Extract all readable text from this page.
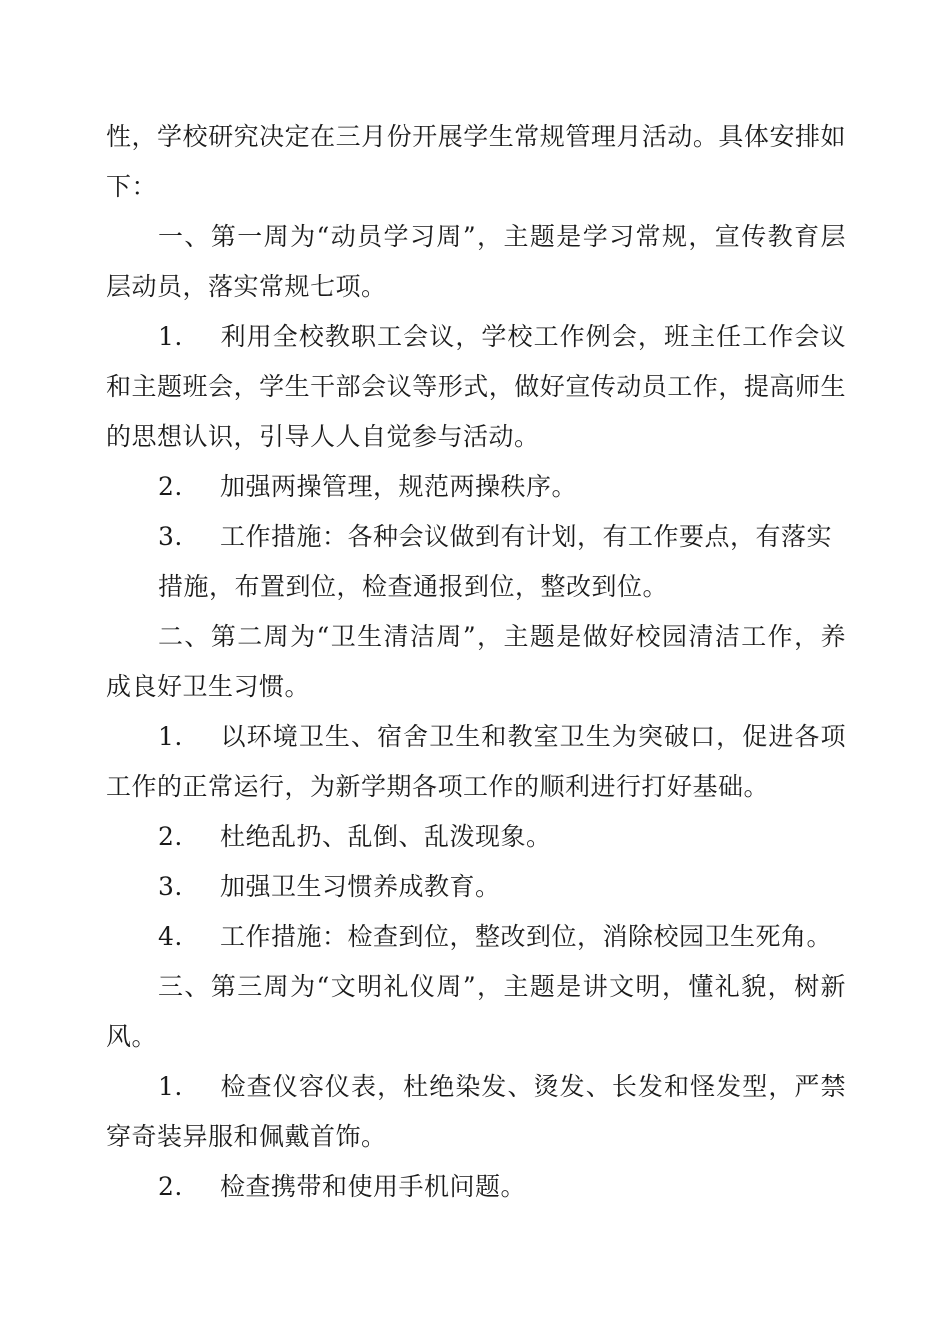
性，学校研究决定在三月份开展学生常规管理月活动。具体安排如下：

一、第一周为“动员学习周”，主题是学习常规，宣传教育层层动员，落实常规七项。

1. 利用全校教职工会议，学校工作例会，班主任工作会议和主题班会，学生干部会议等形式，做好宣传动员工作，提高师生的思想认识，引导人人自觉参与活动。

2. 加强两操管理，规范两操秩序。

3. 工作措施：各种会议做到有计划，有工作要点，有落实

措施，布置到位，检查通报到位，整改到位。

二、第二周为“卫生清洁周”，主题是做好校园清洁工作，养成良好卫生习惯。

1. 以环境卫生、宿舍卫生和教室卫生为突破口，促进各项工作的正常运行，为新学期各项工作的顺利进行打好基础。

2. 杜绝乱扔、乱倒、乱泼现象。

3. 加强卫生习惯养成教育。

4. 工作措施：检查到位，整改到位，消除校园卫生死角。

三、第三周为“文明礼仪周”，主题是讲文明，懂礼貌，树新风。

1. 检查仪容仪表，杜绝染发、烫发、长发和怪发型，严禁穿奇装异服和佩戴首饰。

2. 检查携带和使用手机问题。
